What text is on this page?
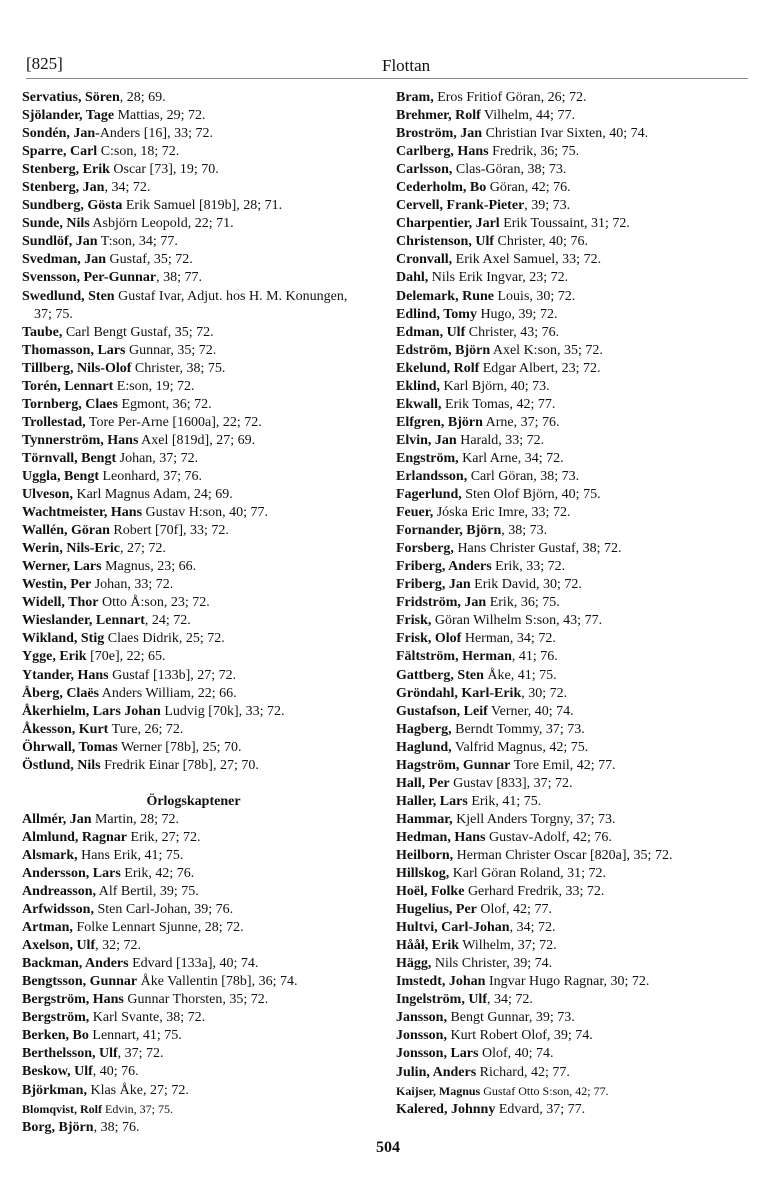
[825]	Flottan
Servatius, Sören, 28; 69.
Sjölander, Tage Mattias, 29; 72.
Sondén, Jan-Anders [16], 33; 72.
Sparre, Carl C:son, 18; 72.
Stenberg, Erik Oscar [73], 19; 70.
Stenberg, Jan, 34; 72.
Sundberg, Gösta Erik Samuel [819b], 28; 71.
Sunde, Nils Asbjörn Leopold, 22; 71.
Sundlöf, Jan T:son, 34; 77.
Svedman, Jan Gustaf, 35; 72.
Svensson, Per-Gunnar, 38; 77.
Swedlund, Sten Gustaf Ivar, Adjut. hos H. M. Konungen, 37; 75.
Taube, Carl Bengt Gustaf, 35; 72.
Thomasson, Lars Gunnar, 35; 72.
Tillberg, Nils-Olof Christer, 38; 75.
Torén, Lennart E:son, 19; 72.
Tornberg, Claes Egmont, 36; 72.
Trollestad, Tore Per-Arne [1600a], 22; 72.
Tynnerström, Hans Axel [819d], 27; 69.
Törnvall, Bengt Johan, 37; 72.
Uggla, Bengt Leonhard, 37; 76.
Ulveson, Karl Magnus Adam, 24; 69.
Wachtmeister, Hans Gustav H:son, 40; 77.
Wallén, Göran Robert [70f], 33; 72.
Werin, Nils-Eric, 27; 72.
Werner, Lars Magnus, 23; 66.
Westin, Per Johan, 33; 72.
Widell, Thor Otto Å:son, 23; 72.
Wieslander, Lennart, 24; 72.
Wikland, Stig Claes Didrik, 25; 72.
Ygge, Erik [70e], 22; 65.
Ytander, Hans Gustaf [133b], 27; 72.
Åberg, Claës Anders William, 22; 66.
Åkerhielm, Lars Johan Ludvig [70k], 33; 72.
Åkesson, Kurt Ture, 26; 72.
Öhrwall, Tomas Werner [78b], 25; 70.
Östlund, Nils Fredrik Einar [78b], 27; 70.
Örlogskaptener
Allmér, Jan Martin, 28; 72.
Almlund, Ragnar Erik, 27; 72.
Alsmark, Hans Erik, 41; 75.
Andersson, Lars Erik, 42; 76.
Andreasson, Alf Bertil, 39; 75.
Arfwidsson, Sten Carl-Johan, 39; 76.
Artman, Folke Lennart Sjunne, 28; 72.
Axelson, Ulf, 32; 72.
Backman, Anders Edvard [133a], 40; 74.
Bengtsson, Gunnar Åke Vallentin [78b], 36; 74.
Bergström, Hans Gunnar Thorsten, 35; 72.
Bergström, Karl Svante, 38; 72.
Berken, Bo Lennart, 41; 75.
Berthelsson, Ulf, 37; 72.
Beskow, Ulf, 40; 76.
Björkman, Klas Åke, 27; 72.
Blomqvist, Rolf Edvin, 37; 75.
Borg, Björn, 38; 76.
Bram, Eros Fritiof Göran, 26; 72.
Brehmer, Rolf Vilhelm, 44; 77.
Broström, Jan Christian Ivar Sixten, 40; 74.
Carlberg, Hans Fredrik, 36; 75.
Carlsson, Clas-Göran, 38; 73.
Cederholm, Bo Göran, 42; 76.
Cervell, Frank-Pieter, 39; 73.
Charpentier, Jarl Erik Toussaint, 31; 72.
Christenson, Ulf Christer, 40; 76.
Cronvall, Erik Axel Samuel, 33; 72.
Dahl, Nils Erik Ingvar, 23; 72.
Delemark, Rune Louis, 30; 72.
Edlind, Tomy Hugo, 39; 72.
Edman, Ulf Christer, 43; 76.
Edström, Björn Axel K:son, 35; 72.
Ekelund, Rolf Edgar Albert, 23; 72.
Eklind, Karl Björn, 40; 73.
Ekwall, Erik Tomas, 42; 77.
Elfgren, Björn Arne, 37; 76.
Elvin, Jan Harald, 33; 72.
Engström, Karl Arne, 34; 72.
Erlandsson, Carl Göran, 38; 73.
Fagerlund, Sten Olof Björn, 40; 75.
Feuer, Jóska Eric Imre, 33; 72.
Fornander, Björn, 38; 73.
Forsberg, Hans Christer Gustaf, 38; 72.
Friberg, Anders Erik, 33; 72.
Friberg, Jan Erik David, 30; 72.
Fridström, Jan Erik, 36; 75.
Frisk, Göran Wilhelm S:son, 43; 77.
Frisk, Olof Herman, 34; 72.
Fältström, Herman, 41; 76.
Gattberg, Sten Åke, 41; 75.
Gröndahl, Karl-Erik, 30; 72.
Gustafson, Leif Verner, 40; 74.
Hagberg, Berndt Tommy, 37; 73.
Haglund, Valfrid Magnus, 42; 75.
Hagström, Gunnar Tore Emil, 42; 77.
Hall, Per Gustav [833], 37; 72.
Haller, Lars Erik, 41; 75.
Hammar, Kjell Anders Torgny, 37; 73.
Hedman, Hans Gustav-Adolf, 42; 76.
Heilborn, Herman Christer Oscar [820a], 35; 72.
Hillskog, Karl Göran Roland, 31; 72.
Hoël, Folke Gerhard Fredrik, 33; 72.
Hugelius, Per Olof, 42; 77.
Hultvi, Carl-Johan, 34; 72.
Hååł, Erik Wilhelm, 37; 72.
Hägg, Nils Christer, 39; 74.
Imstedt, Johan Ingvar Hugo Ragnar, 30; 72.
Ingelström, Ulf, 34; 72.
Jansson, Bengt Gunnar, 39; 73.
Jonsson, Kurt Robert Olof, 39; 74.
Jonsson, Lars Olof, 40; 74.
Julin, Anders Richard, 42; 77.
Kaijser, Magnus Gustaf Otto S:son, 42; 77.
Kalered, Johnny Edvard, 37; 77.
504
